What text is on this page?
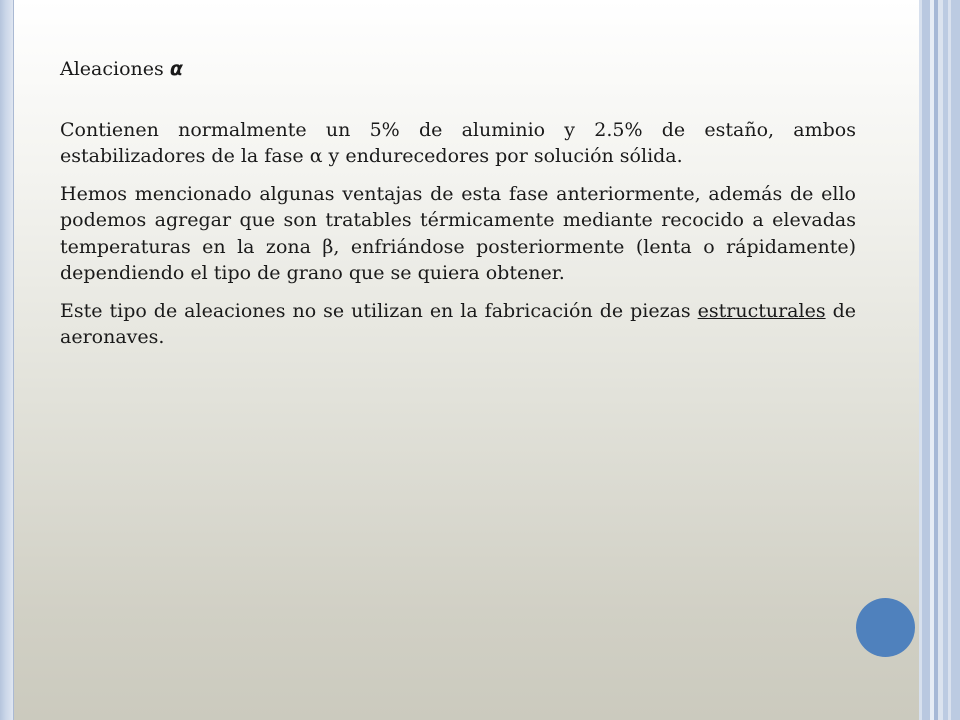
Aleaciones α

Contienen normalmente un 5% de aluminio y 2.5% de estaño, ambos estabilizadores de la fase α y endurecedores por solución sólida.

Hemos mencionado algunas ventajas de esta fase anteriormente, además de ello podemos agregar que son tratables térmicamente mediante recocido a elevadas temperaturas en la zona β, enfriándose posteriormente (lenta o rápidamente) dependiendo el tipo de grano que se quiera obtener.

Este tipo de aleaciones no se utilizan en la fabricación de piezas estructurales de aeronaves.
